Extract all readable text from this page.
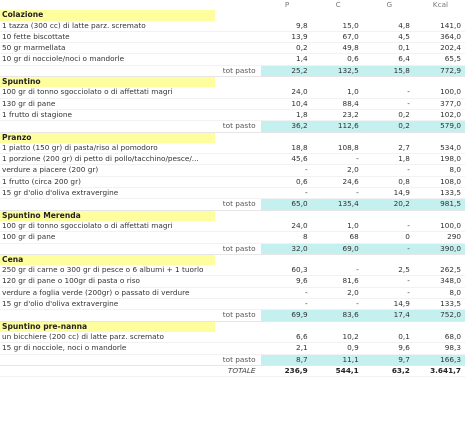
		P	C	G	Kcal
Colazione					
1 tazza (300 cc) di latte parz. scremato		9,8	15,0	4,8	141,0
10 fette biscottate		13,9	67,0	4,5	364,0
50 gr marmellata		0,2	49,8	0,1	202,4
10 gr di nocciole/noci o mandorle		1,4	0,6	6,4	65,5
	tot pasto	25,2	132,5	15,8	772,9
Spuntino					
100 gr di tonno sgocciolato o di affettati magri		24,0	1,0	-	100,0
130 gr di pane		10,4	88,4	-	377,0
1 frutto di stagione		1,8	23,2	0,2	102,0
	tot pasto	36,2	112,6	0,2	579,0
Pranzo					
1 piatto (150 gr) di pasta/riso al pomodoro		18,8	108,8	2,7	534,0
1 porzione (200 gr) di petto di pollo/tacchino/pesce/...		45,6	-	1,8	198,0
verdure a piacere (200 gr)		-	2,0	-	8,0
1 frutto (circa 200 gr)		0,6	24,6	0,8	108,0
15 gr d'olio d'oliva extravergine		-	-	14,9	133,5
	tot pasto	65,0	135,4	20,2	981,5
Spuntino Merenda					
100 gr di tonno sgocciolato o di affettati magri		24,0	1,0	-	100,0
100 gr di pane		8	68	0	290
	tot pasto	32,0	69,0	-	390,0
Cena					
250 gr di carne o 300 gr di pesce o 6 albumi + 1 tuorlo		60,3	-	2,5	262,5
120 gr di pane o 100gr di pasta o riso		9,6	81,6	-	348,0
verdure a foglia verde (200gr) o passato di verdure		-	2,0	-	8,0
15 gr d'olio d'oliva extravergine		-	-	14,9	133,5
	tot pasto	69,9	83,6	17,4	752,0
Spuntino pre-nanna					
un bicchiere (200 cc) di latte parz. scremato		6,6	10,2	0,1	68,0
15 gr di nocciole, noci o mandorle		2,1	0,9	9,6	98,3
	tot pasto	8,7	11,1	9,7	166,3
	TOTALE	236,9	544,1	63,2	3.641,7
